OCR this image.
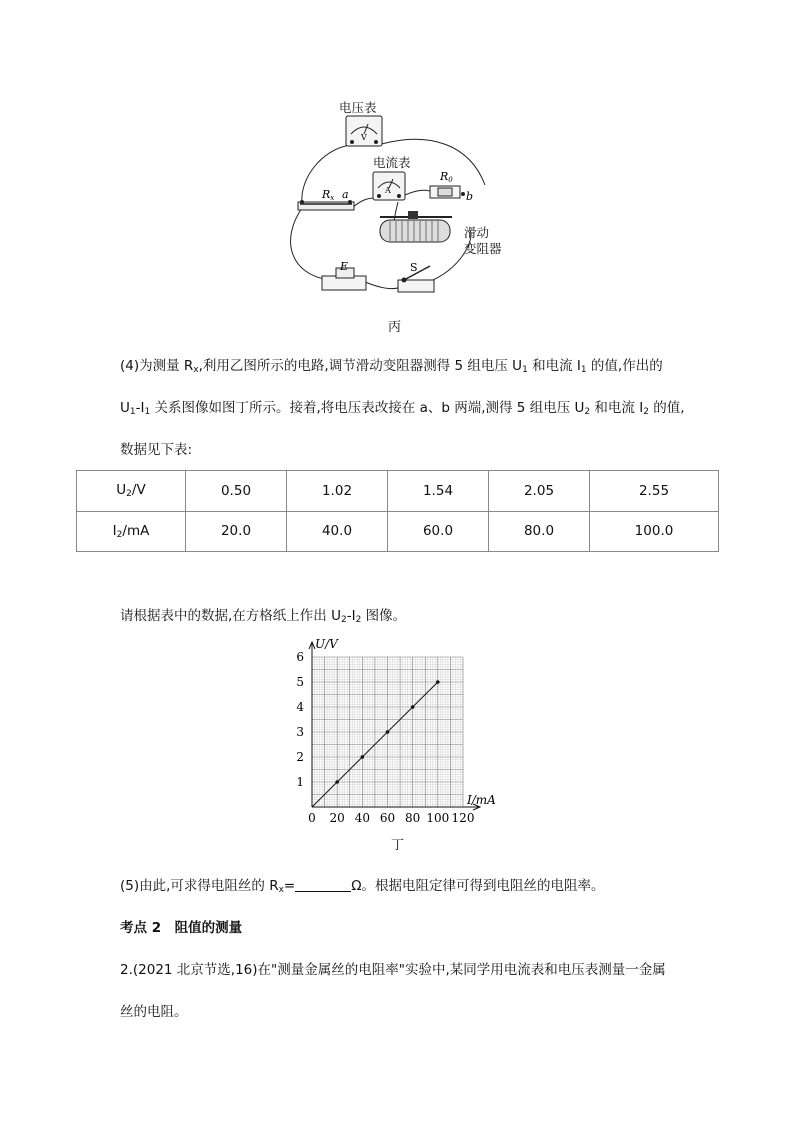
V
A
Rx a
R0
b
E	S
电压表
电流表
滑动
变阻器
丙
(4)为测量 $R_x$,利用乙图所示的电路,调节滑动变阻器测得 5 组电压 $U_1$ 和电流 $I_1$ 的值,作出的
$U_1-I_1$ 关系图像如图丁所示。接着,将电压表改接在 a、b 两端,测得 5 组电压 $U_2$ 和电流 $I_2$ 的值,
数据见下表:
$U_2/V$	0.50	1.02	1.54	2.05	2.55
$I_2/mA$	20.0	40.0	60.0	80.0	100.0
请根据表中的数据,在方格纸上作出 $U_2-I_2$ 图像。
0 20 40 60 80 100 120
1
2
3
4
5
6
U/V
I/mA
丁
(5)由此,可求得电阻丝的 $R_x=$	Ω。根据电阻定律可得到电阻丝的电阻率。
考点 2　阻值的测量
2.(2021 北京节选,16)在"测量金属丝的电阻率"实验中,某同学用电流表和电压表测量一金属
丝的电阻。
